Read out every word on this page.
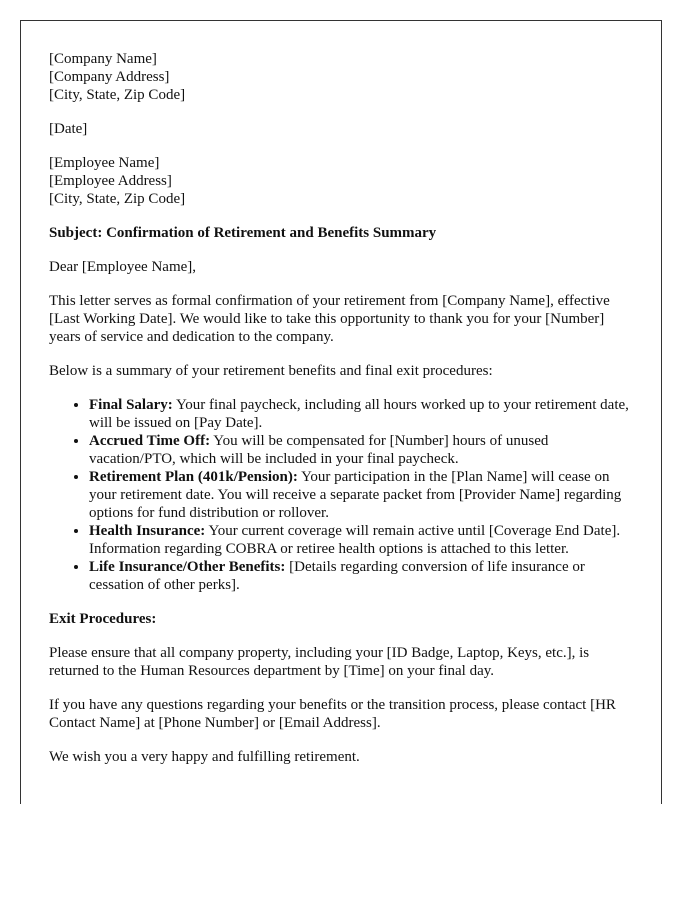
[Company Name]
[Company Address]
[City, State, Zip Code]

[Date]

[Employee Name]
[Employee Address]
[City, State, Zip Code]

Subject: Confirmation of Retirement and Benefits Summary

Dear [Employee Name],

This letter serves as formal confirmation of your retirement from [Company Name], effective [Last Working Date]. We would like to take this opportunity to thank you for your [Number] years of service and dedication to the company.

Below is a summary of your retirement benefits and final exit procedures:

• Final Salary: Your final paycheck, including all hours worked up to your retirement date, will be issued on [Pay Date].
• Accrued Time Off: You will be compensated for [Number] hours of unused vacation/PTO, which will be included in your final paycheck.
• Retirement Plan (401k/Pension): Your participation in the [Plan Name] will cease on your retirement date. You will receive a separate packet from [Provider Name] regarding options for fund distribution or rollover.
• Health Insurance: Your current coverage will remain active until [Coverage End Date]. Information regarding COBRA or retiree health options is attached to this letter.
• Life Insurance/Other Benefits: [Details regarding conversion of life insurance or cessation of other perks].

Exit Procedures:

Please ensure that all company property, including your [ID Badge, Laptop, Keys, etc.], is returned to the Human Resources department by [Time] on your final day.

If you have any questions regarding your benefits or the transition process, please contact [HR Contact Name] at [Phone Number] or [Email Address].

We wish you a very happy and fulfilling retirement.
